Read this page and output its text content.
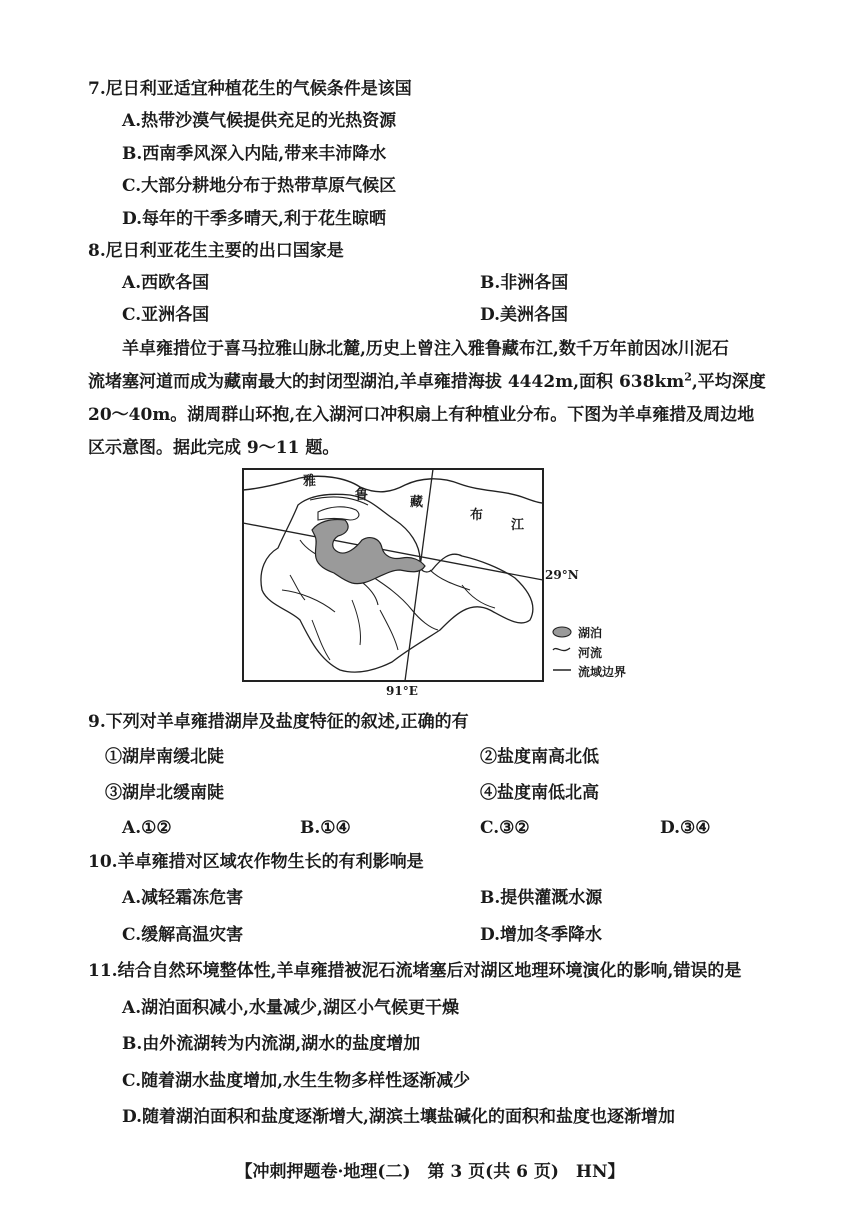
7.尼日利亚适宜种植花生的气候条件是该国
A.热带沙漠气候提供充足的光热资源
B.西南季风深入内陆,带来丰沛降水
C.大部分耕地分布于热带草原气候区
D.每年的干季多晴天,利于花生晾晒
8.尼日利亚花生主要的出口国家是
A.西欧各国	B.非洲各国
C.亚洲各国	D.美洲各国
羊卓雍措位于喜马拉雅山脉北麓,历史上曾注入雅鲁藏布江,数千万年前因冰川泥石
流堵塞河道而成为藏南最大的封闭型湖泊,羊卓雍措海拔 4442m,面积 $638km^2$,平均深度
20～40m。湖周群山环抱,在入湖河口冲积扇上有种植业分布。下图为羊卓雍措及周边地
区示意图。据此完成 9～11 题。
雅
鲁	藏
布
江
29°N
91°E
湖泊
河流
流域边界
9.下列对羊卓雍措湖岸及盐度特征的叙述,正确的有
①湖岸南缓北陡	②盐度南高北低
③湖岸北缓南陡	④盐度南低北高
A.①②	B.①④	C.③②	D.③④
10.羊卓雍措对区域农作物生长的有利影响是
A.减轻霜冻危害	B.提供灌溉水源
C.缓解高温灾害	D.增加冬季降水
11.结合自然环境整体性,羊卓雍措被泥石流堵塞后对湖区地理环境演化的影响,错误的是
A.湖泊面积减小,水量减少,湖区小气候更干燥
B.由外流湖转为内流湖,湖水的盐度增加
C.随着湖水盐度增加,水生生物多样性逐渐减少
D.随着湖泊面积和盐度逐渐增大,湖滨土壤盐碱化的面积和盐度也逐渐增加
【冲刺押题卷·地理(二)　第 3 页(共 6 页)　HN】
